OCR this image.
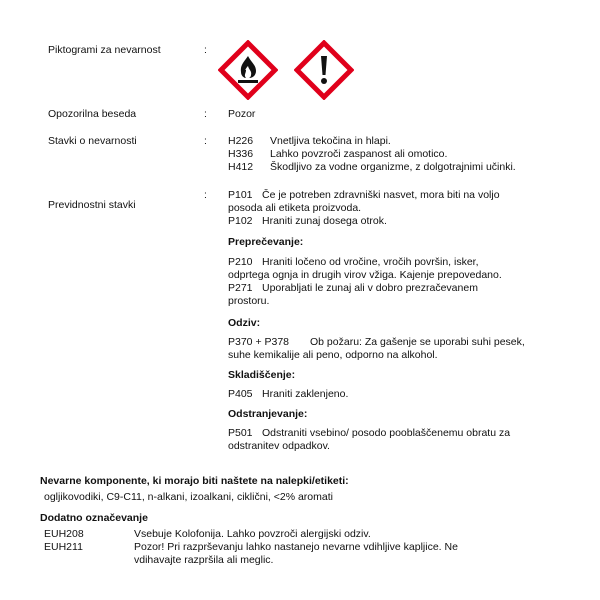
Piktogrami za nevarnost	:
Opozorilna beseda	: Pozor
Stavki o nevarnosti	: H226 Vnetljiva tekočina in hlapi.
H336 Lahko povzroči zaspanost ali omotico.
H412 Škodljivo za vodne organizme, z dolgotrajnimi učinki.
Previdnostni stavki
: P101 Če je potreben zdravniški nasvet, mora biti na voljo
posoda ali etiketa proizvoda.
P102 Hraniti zunaj dosega otrok.
Preprečevanje:
P210 Hraniti ločeno od vročine, vročih površin, isker,
odprtega ognja in drugih virov vžiga. Kajenje prepovedano.
P271 Uporabljati le zunaj ali v dobro prezračevanem
prostoru.
Odziv:
P370 + P378 Ob požaru: Za gašenje se uporabi suhi pesek,
suhe kemikalije ali peno, odporno na alkohol.
Skladiščenje:
P405 Hraniti zaklenjeno.
Odstranjevanje:
P501 Odstraniti vsebino/ posodo pooblaščenemu obratu za
odstranitev odpadkov.
Nevarne komponente, ki morajo biti naštete na nalepki/etiketi:
ogljikovodiki, C9-C11, n-alkani, izoalkani, ciklični, <2% aromati
Dodatno označevanje
EUH208	Vsebuje Kolofonija. Lahko povzroči alergijski odziv.
EUH211	Pozor! Pri razprševanju lahko nastanejo nevarne vdihljive kapljice. Ne
vdihavajte razpršila ali meglic.
